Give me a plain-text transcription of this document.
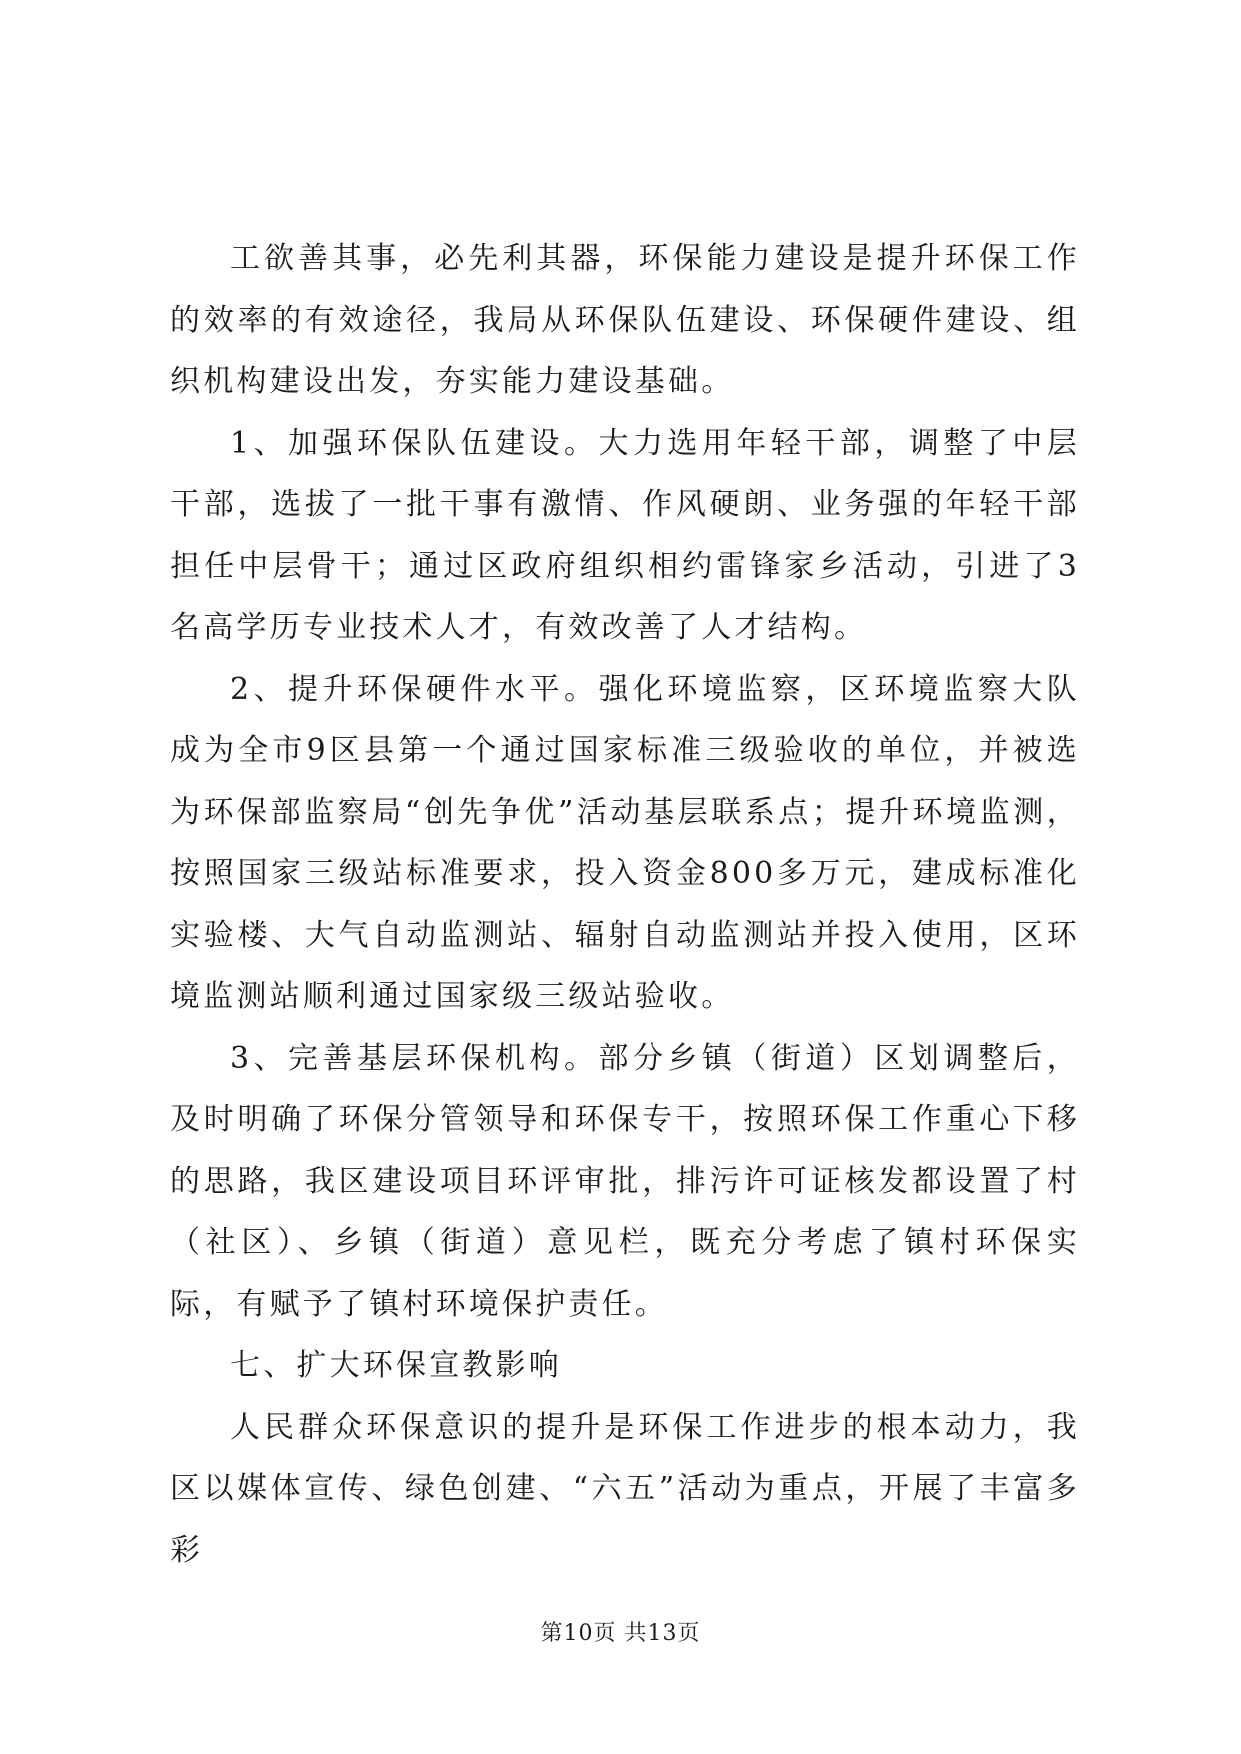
工欲善其事，必先利其器，环保能力建设是提升环保工作的效率的有效途径，我局从环保队伍建设、环保硬件建设、组织机构建设出发，夯实能力建设基础。

1、加强环保队伍建设。大力选用年轻干部，调整了中层干部，选拔了一批干事有激情、作风硬朗、业务强的年轻干部担任中层骨干；通过区政府组织相约雷锋家乡活动，引进了3名高学历专业技术人才，有效改善了人才结构。

2、提升环保硬件水平。强化环境监察，区环境监察大队成为全市9区县第一个通过国家标准三级验收的单位，并被选为环保部监察局“创先争优”活动基层联系点；提升环境监测，按照国家三级站标准要求，投入资金800多万元，建成标准化实验楼、大气自动监测站、辐射自动监测站并投入使用，区环境监测站顺利通过国家级三级站验收。

3、完善基层环保机构。部分乡镇（街道）区划调整后，及时明确了环保分管领导和环保专干，按照环保工作重心下移的思路，我区建设项目环评审批，排污许可证核发都设置了村（社区）、乡镇（街道）意见栏，既充分考虑了镇村环保实际，有赋予了镇村环境保护责任。

七、扩大环保宣教影响

人民群众环保意识的提升是环保工作进步的根本动力，我区以媒体宣传、绿色创建、“六五”活动为重点，开展了丰富多彩

第10页 共13页
